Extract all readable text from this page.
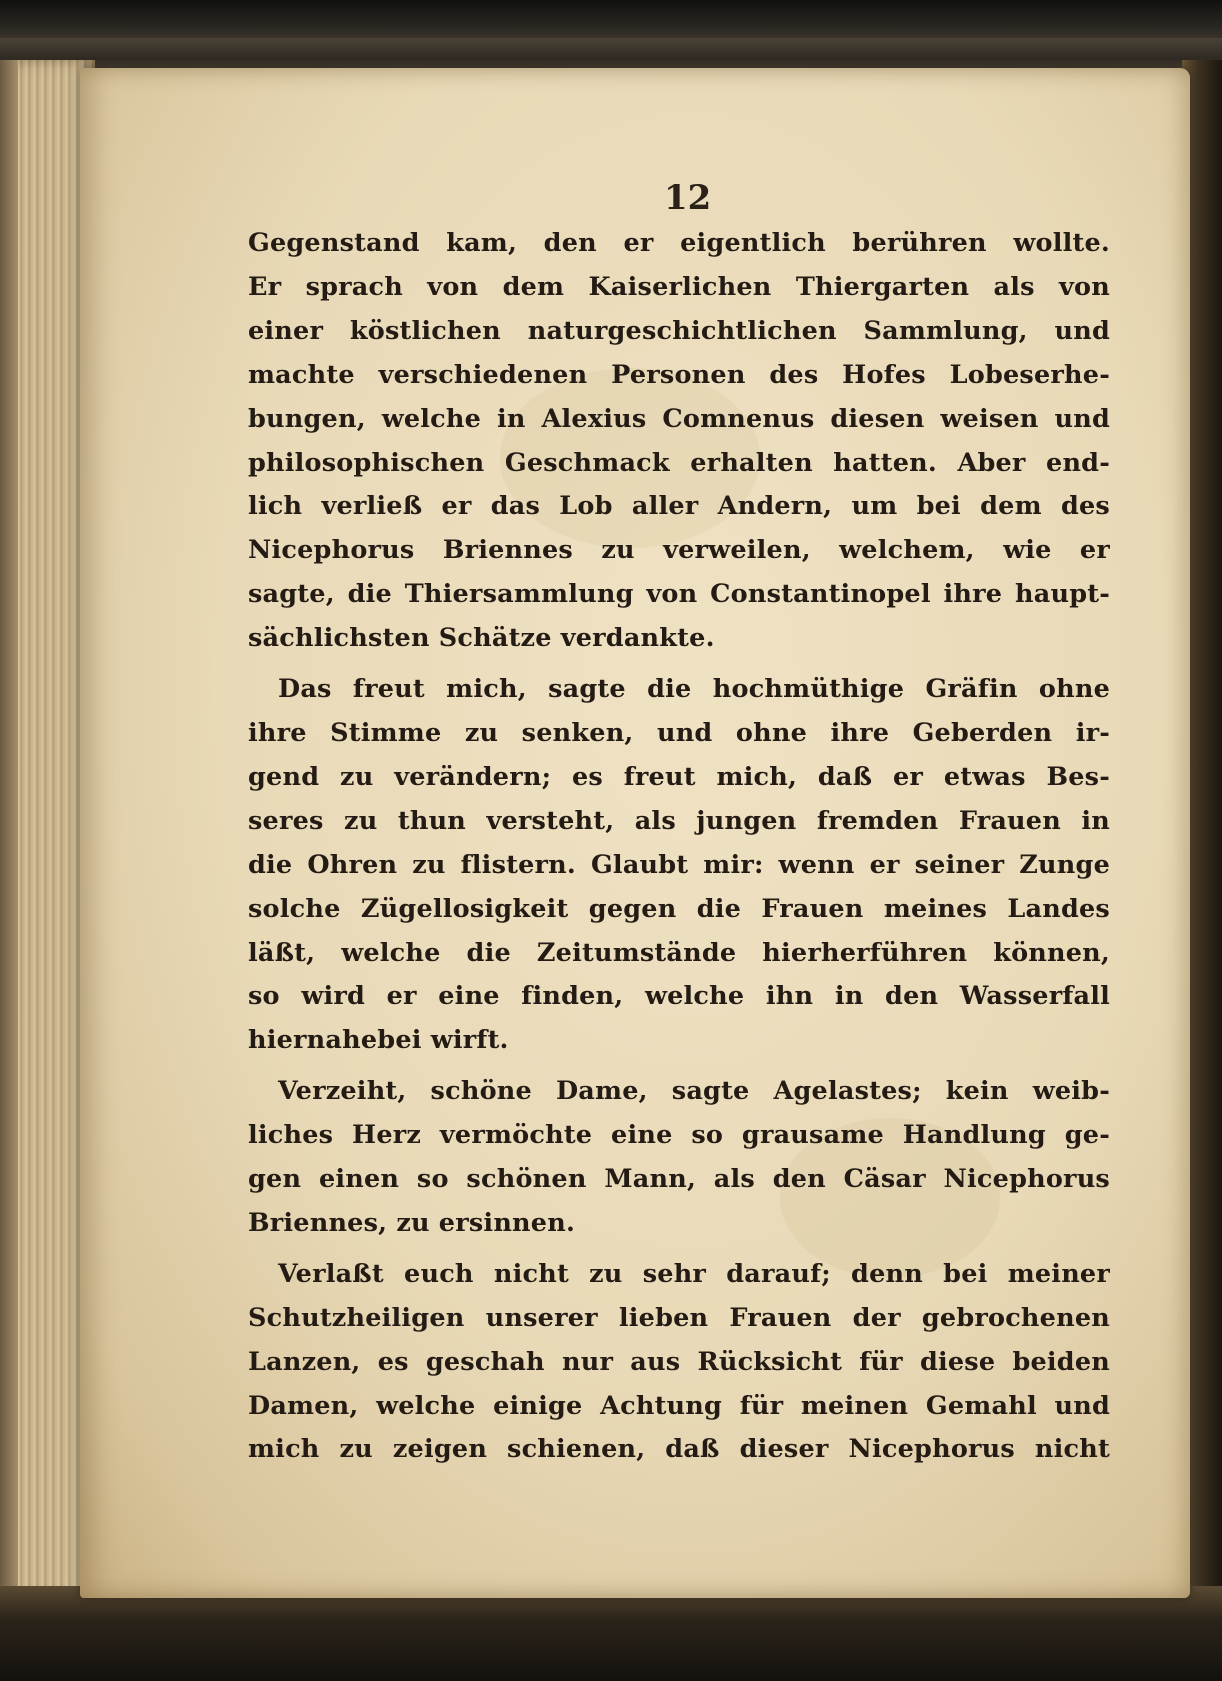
12
Gegenstand kam, den er eigentlich berühren wollte.
Er sprach von dem Kaiserlichen Thiergarten als von
einer köstlichen naturgeschichtlichen Sammlung, und
machte verschiedenen Personen des Hofes Lobeserhe-
bungen, welche in Alexius Comnenus diesen weisen und
philosophischen Geschmack erhalten hatten. Aber end-
lich verließ er das Lob aller Andern, um bei dem des
Nicephorus Briennes zu verweilen, welchem, wie er
sagte, die Thiersammlung von Constantinopel ihre haupt-
sächlichsten Schätze verdankte.
Das freut mich, sagte die hochmüthige Gräfin ohne
ihre Stimme zu senken, und ohne ihre Geberden ir-
gend zu verändern; es freut mich, daß er etwas Bes-
seres zu thun versteht, als jungen fremden Frauen in
die Ohren zu flistern. Glaubt mir: wenn er seiner Zunge
solche Zügellosigkeit gegen die Frauen meines Landes
läßt, welche die Zeitumstände hierherführen können,
so wird er eine finden, welche ihn in den Wasserfall
hiernahebei wirft.
Verzeiht, schöne Dame, sagte Agelastes; kein weib-
liches Herz vermöchte eine so grausame Handlung ge-
gen einen so schönen Mann, als den Cäsar Nicephorus
Briennes, zu ersinnen.
Verlaßt euch nicht zu sehr darauf; denn bei meiner
Schutzheiligen unserer lieben Frauen der gebrochenen
Lanzen, es geschah nur aus Rücksicht für diese beiden
Damen, welche einige Achtung für meinen Gemahl und
mich zu zeigen schienen, daß dieser Nicephorus nicht
